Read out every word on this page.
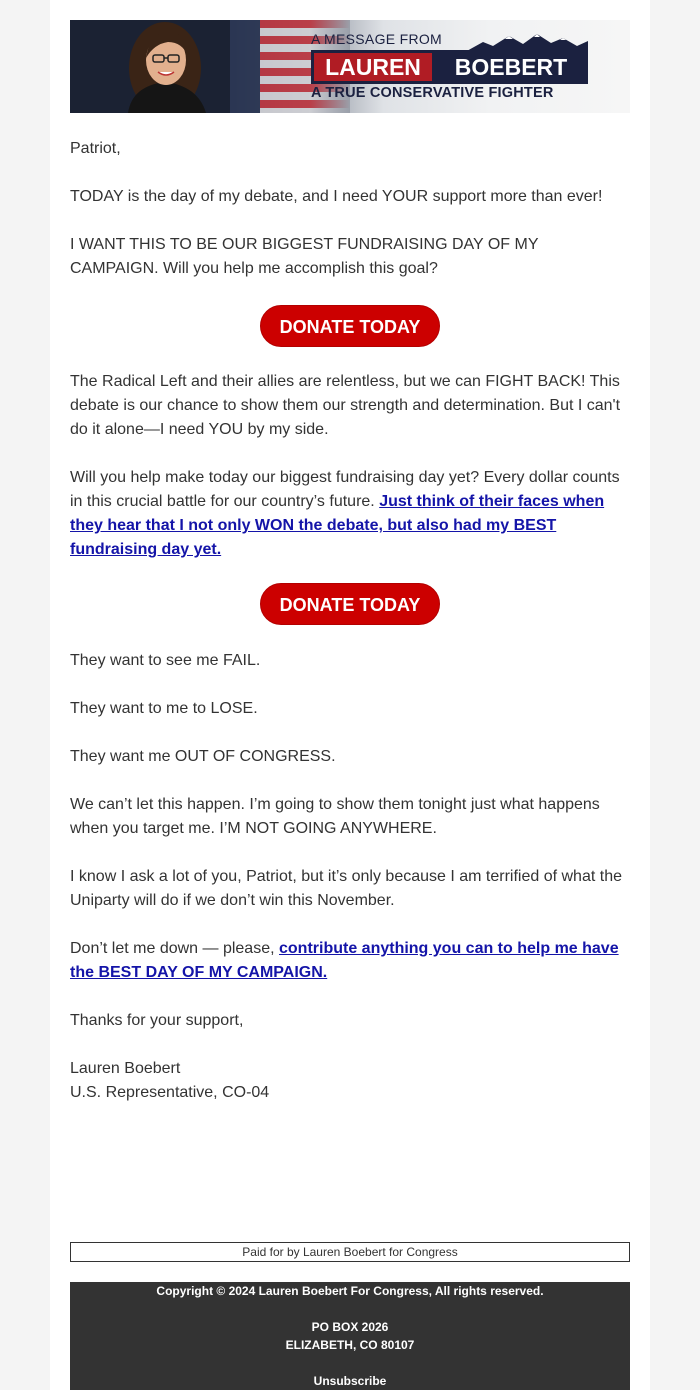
A MESSAGE FROM
LAUREN	BOEBERT
A TRUE CONSERVATIVE FIGHTER

Patriot,

TODAY is the day of my debate, and I need YOUR support more than ever!

I WANT THIS TO BE OUR BIGGEST FUNDRAISING DAY OF MY CAMPAIGN. Will you help me accomplish this goal?

DONATE TODAY

The Radical Left and their allies are relentless, but we can FIGHT BACK! This debate is our chance to show them our strength and determination. But I can't do it alone—I need YOU by my side.

Will you help make today our biggest fundraising day yet? Every dollar counts in this crucial battle for our country’s future. Just think of their faces when they hear that I not only WON the debate, but also had my BEST fundraising day yet.

DONATE TODAY

They want to see me FAIL.

They want to me to LOSE.

They want me OUT OF CONGRESS.

We can’t let this happen. I’m going to show them tonight just what happens when you target me. I’M NOT GOING ANYWHERE.

I know I ask a lot of you, Patriot, but it’s only because I am terrified of what the Uniparty will do if we don’t win this November.

Don’t let me down — please, contribute anything you can to help me have the BEST DAY OF MY CAMPAIGN.

Thanks for your support,

Lauren Boebert

U.S. Representative, CO-04

Paid for by Lauren Boebert for Congress
Copyright © 2024 Lauren Boebert For Congress, All rights reserved.
PO BOX 2026
ELIZABETH, CO 80107
Unsubscribe
